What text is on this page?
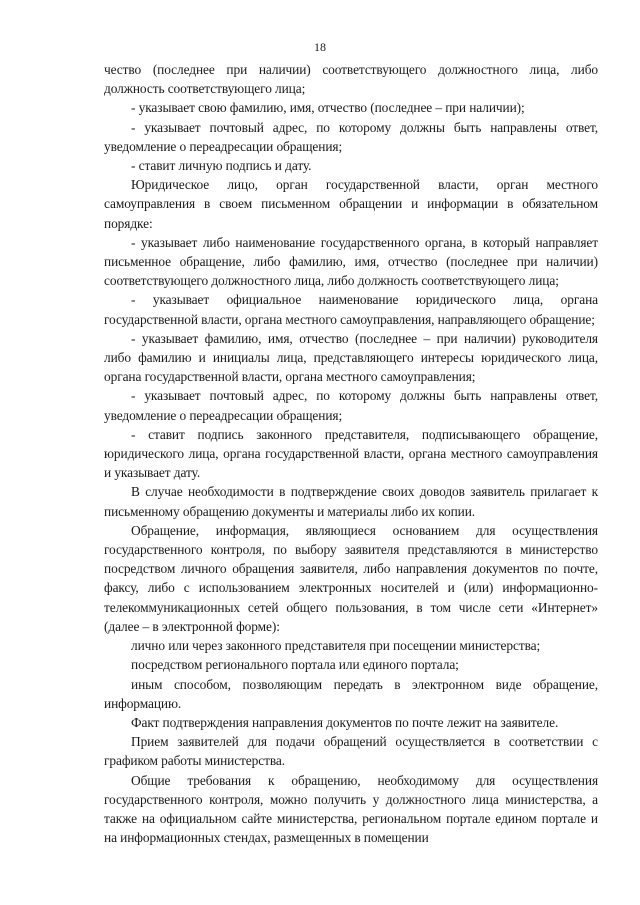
18

чество (последнее при наличии) соответствующего должностного лица, либо должность соответствующего лица;

- указывает свою фамилию, имя, отчество (последнее – при наличии);

- указывает почтовый адрес, по которому должны быть направлены ответ, уведомление о переадресации обращения;

- ставит личную подпись и дату.

Юридическое лицо, орган государственной власти, орган местного самоуправления в своем письменном обращении и информации в обязательном порядке:

- указывает либо наименование государственного органа, в который направляет письменное обращение, либо фамилию, имя, отчество (последнее при наличии) соответствующего должностного лица, либо должность соответствующего лица;

- указывает официальное наименование юридического лица, органа государственной власти, органа местного самоуправления, направляющего обращение;

- указывает фамилию, имя, отчество (последнее – при наличии) руководителя либо фамилию и инициалы лица, представляющего интересы юридического лица, органа государственной власти, органа местного самоуправления;

- указывает почтовый адрес, по которому должны быть направлены ответ, уведомление о переадресации обращения;

- ставит подпись законного представителя, подписывающего обращение, юридического лица, органа государственной власти, органа местного самоуправления и указывает дату.

В случае необходимости в подтверждение своих доводов заявитель прилагает к письменному обращению документы и материалы либо их копии.

Обращение, информация, являющиеся основанием для осуществления государственного контроля, по выбору заявителя представляются в министерство посредством личного обращения заявителя, либо направления документов по почте, факсу, либо с использованием электронных носителей и (или) информационно-телекоммуникационных сетей общего пользования, в том числе сети «Интернет» (далее – в электронной форме):

лично или через законного представителя при посещении министерства;

посредством регионального портала или единого портала;

иным способом, позволяющим передать в электронном виде обращение, информацию.

Факт подтверждения направления документов по почте лежит на заявителе.

Прием заявителей для подачи обращений осуществляется в соответствии с графиком работы министерства.

Общие требования к обращению, необходимому для осуществления государственного контроля, можно получить у должностного лица министерства, а также на официальном сайте министерства, региональном портале едином портале и на информационных стендах, размещенных в помещении
